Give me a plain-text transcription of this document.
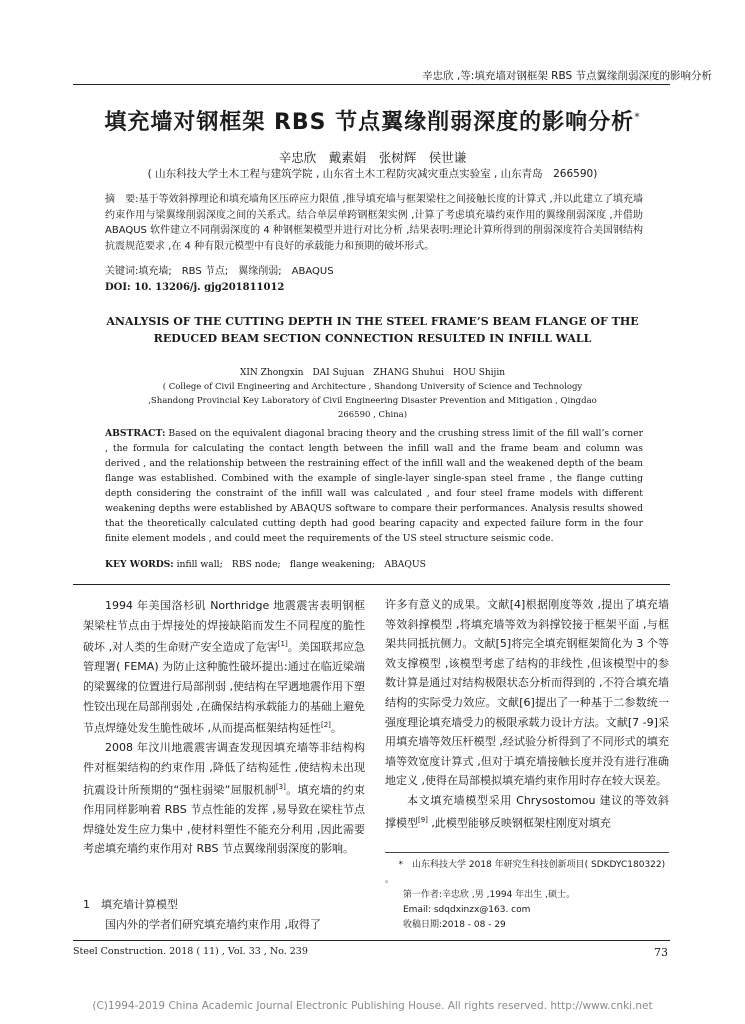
辛忠欣 ,等:填充墙对钢框架 RBS 节点翼缘削弱深度的影响分析
填充墙对钢框架 RBS 节点翼缘削弱深度的影响分析*
辛忠欣　戴素娟　张树辉　侯世谦
( 山东科技大学土木工程与建筑学院 , 山东省土木工程防灾减灾重点实验室 , 山东青岛　266590)
摘　要:基于等效斜撑理论和填充墙角区压碎应力限值 ,推导填充墙与框架梁柱之间接触长度的计算式 ,并以此建立了填充墙约束作用与梁翼缘削弱深度之间的关系式。结合单层单跨钢框架实例 ,计算了考虑填充墙约束作用的翼缘削弱深度 ,并借助 ABAQUS 软件建立不同削弱深度的 4 种钢框架模型并进行对比分析 ,结果表明:理论计算所得到的削弱深度符合美国钢结构抗震规范要求 ,在 4 种有限元模型中有良好的承载能力和预期的破坏形式。
关键词:填充墙;　RBS 节点;　翼缘削弱;　ABAQUS
DOI: 10. 13206/j. gjg201811012
ANALYSIS OF THE CUTTING DEPTH IN THE STEEL FRAME’S BEAM FLANGE OF THE REDUCED BEAM SECTION CONNECTION RESULTED IN INFILL WALL
XIN Zhongxin　DAI Sujuan　ZHANG Shuhui　HOU Shijin
( College of Civil Engineering and Architecture , Shandong University of Science and Technology ,Shandong Provincial Key Laboratory of Civil Engineering Disaster Prevention and Mitigation , Qingdao 266590 , China)
ABSTRACT: Based on the equivalent diagonal bracing theory and the crushing stress limit of the fill wall’s corner , the formula for calculating the contact length between the infill wall and the frame beam and column was derived , and the relationship between the restraining effect of the infill wall and the weakened depth of the beam flange was established. Combined with the example of single-layer single-span steel frame , the flange cutting depth considering the constraint of the infill wall was calculated , and four steel frame models with different weakening depths were established by ABAQUS software to compare their performances. Analysis results showed that the theoretically calculated cutting depth had good bearing capacity and expected failure form in the four finite element models , and could meet the requirements of the US steel structure seismic code.
KEY WORDS: infill wall;　RBS node;　flange weakening;　ABAQUS

1994 年美国洛杉矶 Northridge 地震震害表明钢框架梁柱节点由于焊接处的焊接缺陷而发生不同程度的脆性破坏 ,对人类的生命财产安全造成了危害[1]。美国联邦应急管理署( FEMA) 为防止这种脆性破坏提出:通过在临近梁端的梁翼缘的位置进行局部削弱 ,使结构在罕遇地震作用下塑性铰出现在局部削弱处 ,在确保结构承载能力的基础上避免节点焊缝处发生脆性破坏 ,从而提高框架结构延性[2]。

2008 年汶川地震震害调查发现因填充墙等非结构构件对框架结构的约束作用 ,降低了结构延性 ,使结构未出现抗震设计所预期的“强柱弱梁”屈服机制[3]。填充墙的约束作用同样影响着 RBS 节点性能的发挥 ,易导致在梁柱节点焊缝处发生应力集中 ,使材料塑性不能充分利用 ,因此需要考虑填充墙约束作用对 RBS 节点翼缘削弱深度的影响。

1　填充墙计算模型

国内外的学者们研究填充墙约束作用 ,取得了

许多有意义的成果。文献[4]根据刚度等效 ,提出了填充墙等效斜撑模型 ,将填充墙等效为斜撑铰接于框架平面 ,与框架共同抵抗侧力。文献[5]将完全填充钢框架简化为 3 个等效支撑模型 ,该模型考虑了结构的非线性 ,但该模型中的参数计算是通过对结构极限状态分析而得到的 ,不符合填充墙结构的实际受力效应。文献[6]提出了一种基于二参数统一强度理论填充墙受力的极限承载力设计方法。文献[7 -9]采用填充墙等效压杆模型 ,经试验分析得到了不同形式的填充墙等效宽度计算式 ,但对于填充墙接触长度并没有进行准确地定义 ,使得在局部模拟填充墙约束作用时存在较大误差。

本文填充墙模型采用 Chrysostomou 建议的等效斜撑模型[9] ,此模型能够反映钢框架柱刚度对填充

*　山东科技大学 2018 年研究生科技创新项目( SDKDYC180322) 。
第一作者:辛忠欣 ,男 ,1994 年出生 ,硕士。
Email: sdqdxinzx@163. com
收稿日期:2018 - 08 - 29
Steel Construction. 2018 ( 11) , Vol. 33 , No. 239	73
(C)1994-2019 China Academic Journal Electronic Publishing House. All rights reserved. http://www.cnki.net
